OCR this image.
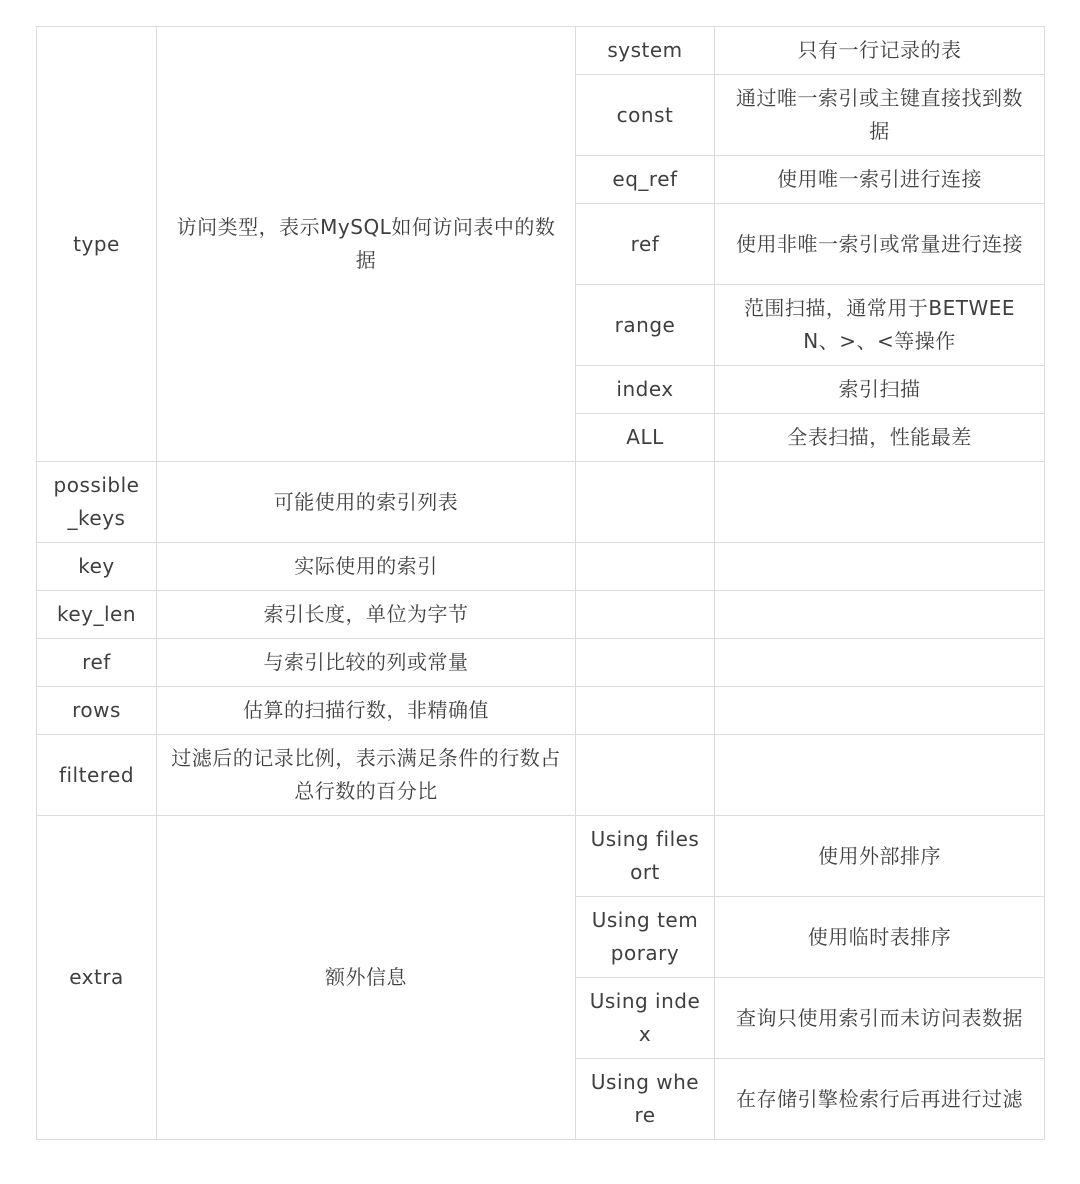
type	访问类型，表示MySQL如何访问表中的数据	system	只有一行记录的表
		const	通过唯一索引或主键直接找到数据
		eq_ref	使用唯一索引进行连接
		ref	使用非唯一索引或常量进行连接
		range	范围扫描，通常用于BETWEEN、>、<等操作
		index	索引扫描
		ALL	全表扫描，性能最差
possible_keys	可能使用的索引列表		
key	实际使用的索引		
key_len	索引长度，单位为字节		
ref	与索引比较的列或常量		
rows	估算的扫描行数，非精确值		
filtered	过滤后的记录比例，表示满足条件的行数占总行数的百分比		
extra	额外信息	Using filesort	使用外部排序
		Using temporary	使用临时表排序
		Using index	查询只使用索引而未访问表数据
		Using where	在存储引擎检索行后再进行过滤
